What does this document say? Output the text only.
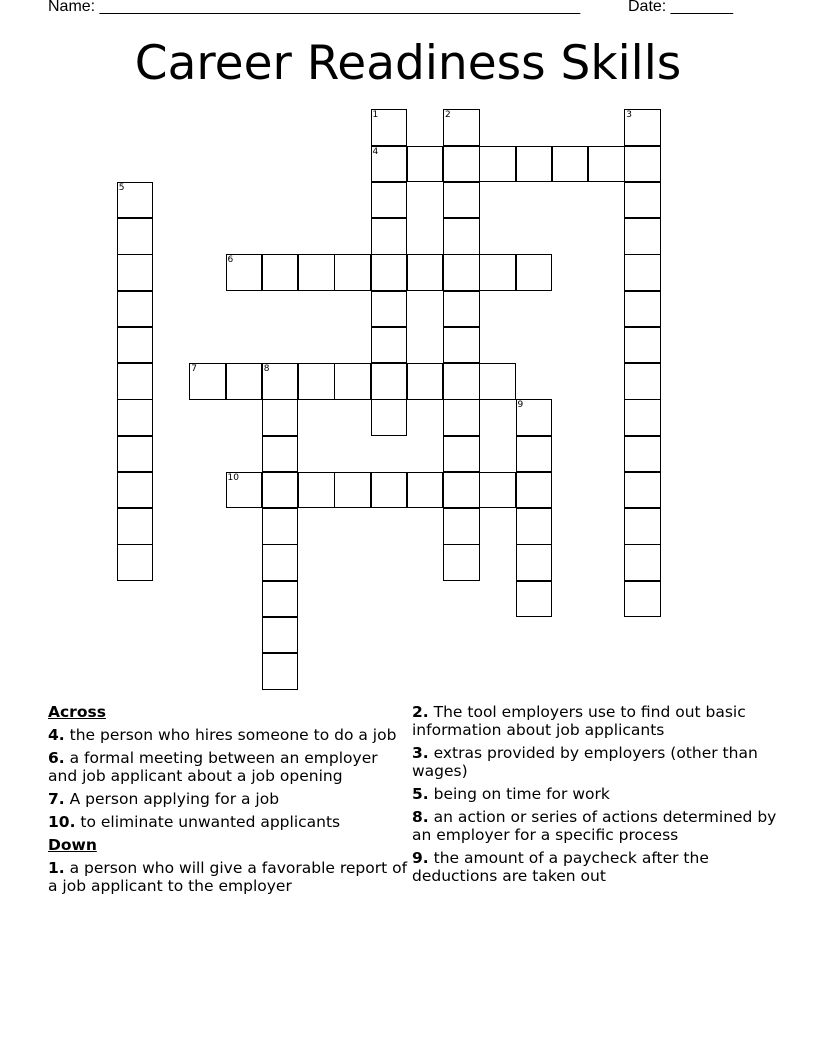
Name: ______________________________________________________	Date: _______
Career Readiness Skills
1
4
2	3
5
6
7	8
9
10
Across
4. the person who hires someone to do a job
6. a formal meeting between an employer and job applicant about a job opening
7. A person applying for a job
10. to eliminate unwanted applicants
Down
1. a person who will give a favorable report of a job applicant to the employer
2. The tool employers use to find out basic information about job applicants
3. extras provided by employers (other than wages)
5. being on time for work
8. an action or series of actions determined by an employer for a specific process
9. the amount of a paycheck after the deductions are taken out
